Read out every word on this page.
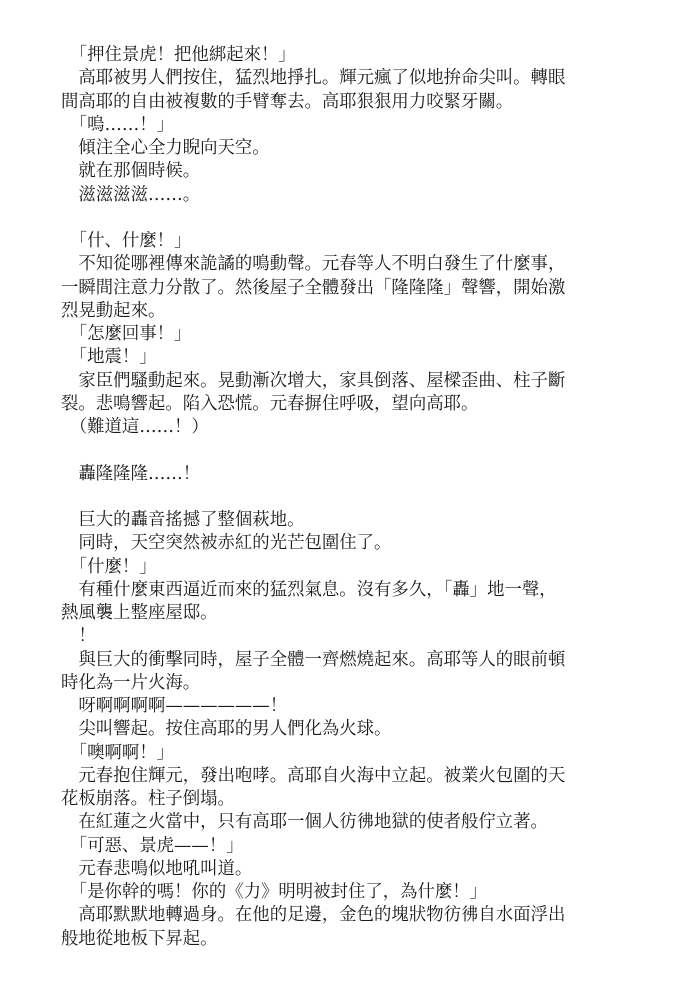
　「押住景虎！把他綁起來！」
　高耶被男人們按住，猛烈地掙扎。輝元瘋了似地拚命尖叫。轉眼
間高耶的自由被複數的手臂奪去。高耶狠狠用力咬緊牙關。
　「嗚……！」
　傾注全心全力睨向天空。
　就在那個時候。
　滋滋滋滋……。
　「什、什麼！」
　不知從哪裡傳來詭譎的鳴動聲。元春等人不明白發生了什麼事，
一瞬間注意力分散了。然後屋子全體發出「隆隆隆」聲響，開始激
烈晃動起來。
　「怎麼回事！」
　「地震！」
　家臣們騷動起來。晃動漸次增大，家具倒落、屋樑歪曲、柱子斷
裂。悲鳴響起。陷入恐慌。元春摒住呼吸，望向高耶。
　（難道這……！）
　轟隆隆隆……！
　巨大的轟音搖撼了整個萩地。
　同時，天空突然被赤紅的光芒包圍住了。
　「什麼！」
　有種什麼東西逼近而來的猛烈氣息。沒有多久，「轟」地一聲，
熱風襲上整座屋邸。
　！
　與巨大的衝擊同時，屋子全體一齊燃燒起來。高耶等人的眼前頓
時化為一片火海。
　呀啊啊啊啊——————！
　尖叫響起。按住高耶的男人們化為火球。
　「噢啊啊！」
　元春抱住輝元，發出咆哮。高耶自火海中立起。被業火包圍的天
花板崩落。柱子倒塌。
　在紅蓮之火當中，只有高耶一個人彷彿地獄的使者般佇立著。
　「可惡、景虎——！」
　元春悲鳴似地吼叫道。
　「是你幹的嗎！你的《力》明明被封住了，為什麼！」
　高耶默默地轉過身。在他的足邊，金色的塊狀物彷彿自水面浮出
般地從地板下昇起。
